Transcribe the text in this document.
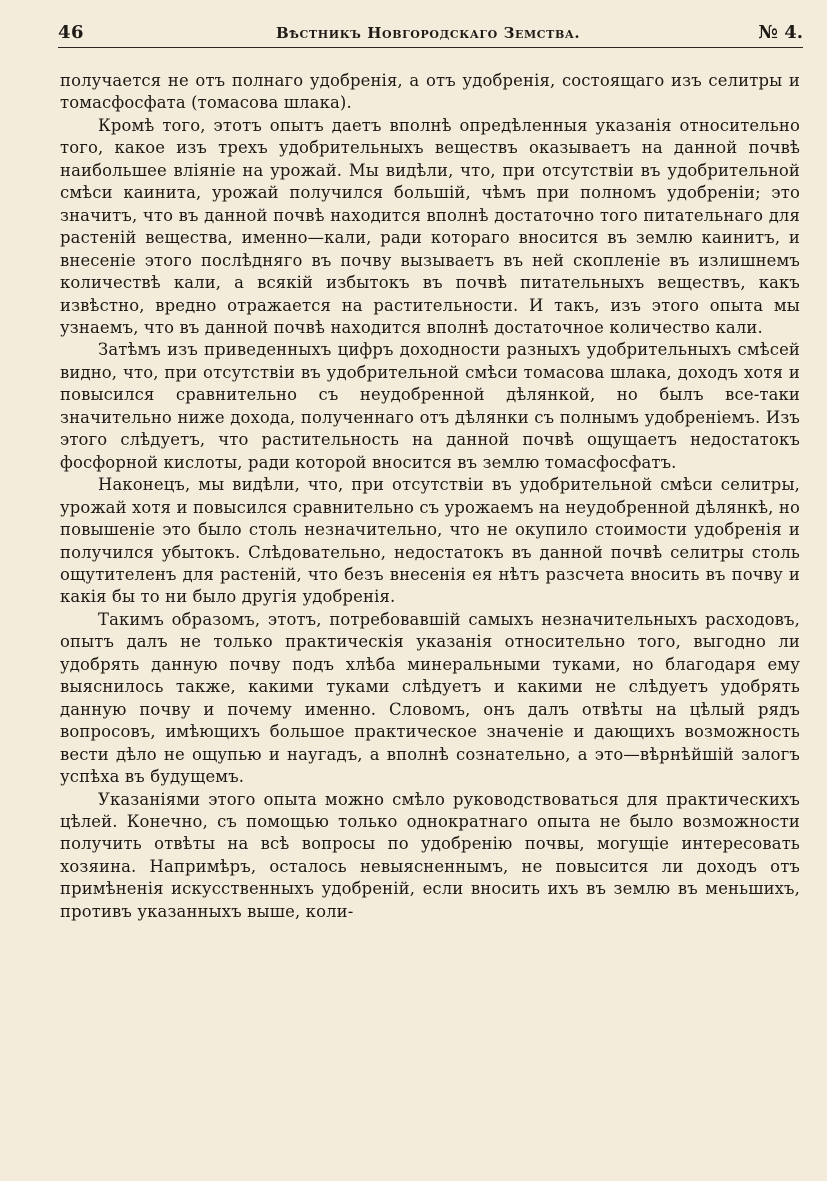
46	Вѣстникъ Новгородскаго Земства.	№ 4.

получается не отъ полнаго удобренія, а отъ удобренія, состоящаго изъ селитры и томасфосфата (томасова шлака).

Кромѣ того, этотъ опытъ даетъ вполнѣ опредѣленныя указанія относительно того, какое изъ трехъ удобрительныхъ веществъ оказываетъ на данной почвѣ наибольшее вліяніе на урожай. Мы видѣли, что, при отсутствіи въ удобрительной смѣси каинита, урожай получился большій, чѣмъ при полномъ удобреніи; это значитъ, что въ данной почвѣ находится вполнѣ достаточно того питательнаго для растеній вещества, именно—кали, ради котораго вносится въ землю каинитъ, и внесеніе этого послѣдняго въ почву вызываетъ въ ней скопленіе въ излишнемъ количествѣ кали, а всякій избытокъ въ почвѣ питательныхъ веществъ, какъ извѣстно, вредно отражается на растительности. И такъ, изъ этого опыта мы узнаемъ, что въ данной почвѣ находится вполнѣ достаточное количество кали.

Затѣмъ изъ приведенныхъ цифръ доходности разныхъ удобрительныхъ смѣсей видно, что, при отсутствіи въ удобрительной смѣси томасова шлака, доходъ хотя и повысился сравнительно съ неудобренной дѣлянкой, но былъ все-таки значительно ниже дохода, полученнаго отъ дѣлянки съ полнымъ удобреніемъ. Изъ этого слѣдуетъ, что растительность на данной почвѣ ощущаетъ недостатокъ фосфорной кислоты, ради которой вносится въ землю томасфосфатъ.

Наконецъ, мы видѣли, что, при отсутствіи въ удобрительной смѣси селитры, урожай хотя и повысился сравнительно съ урожаемъ на неудобренной дѣлянкѣ, но повышеніе это было столь незначительно, что не окупило стоимости удобренія и получился убытокъ. Слѣдовательно, недостатокъ въ данной почвѣ селитры столь ощутителенъ для растеній, что безъ внесенія ея нѣтъ разсчета вносить въ почву и какія бы то ни было другія удобренія.

Такимъ образомъ, этотъ, потребовавшій самыхъ незначительныхъ расходовъ, опытъ далъ не только практическія указанія относительно того, выгодно ли удобрять данную почву подъ хлѣба минеральными туками, но благодаря ему выяснилось также, какими туками слѣдуетъ и какими не слѣдуетъ удобрять данную почву и почему именно. Словомъ, онъ далъ отвѣты на цѣлый рядъ вопросовъ, имѣющихъ большое практическое значеніе и дающихъ возможность вести дѣло не ощупью и наугадъ, а вполнѣ сознательно, а это—вѣрнѣйшій залогъ успѣха въ будущемъ.

Указаніями этого опыта можно смѣло руководствоваться для практическихъ цѣлей. Конечно, съ помощью только однократнаго опыта не было возможности получить отвѣты на всѣ вопросы по удобренію почвы, могущіе интересовать хозяина. Напримѣръ, осталось невыясненнымъ, не повысится ли доходъ отъ примѣненія искусственныхъ удобреній, если вносить ихъ въ землю въ меньшихъ, противъ указанныхъ выше, коли-
